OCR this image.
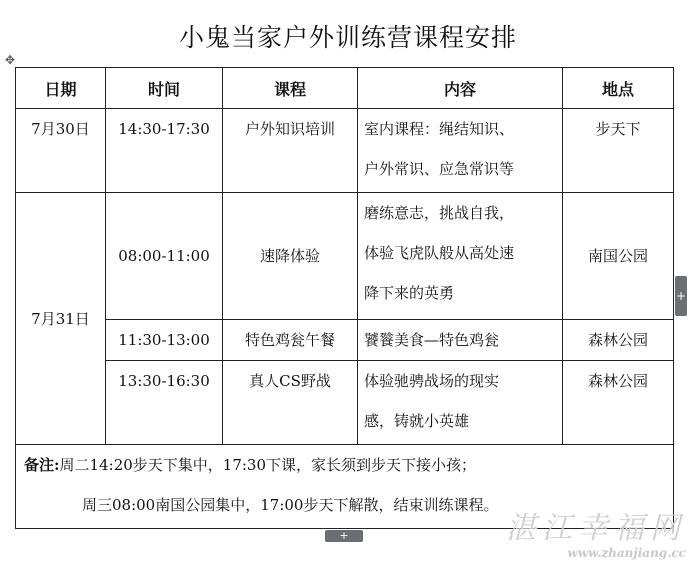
小鬼当家户外训练营课程安排
✥
日期	时间	课程	内容	地点
7月30日	14:30-17:30	户外知识培训	室内课程：绳结知识、
户外常识、应急常识等	步天下
7月31日	08:00-11:00	速降体验	磨练意志，挑战自我，
体验飞虎队般从高处速
降下来的英勇	南国公园
	11:30-13:00	特色鸡瓮午餐	饕餮美食—特色鸡瓮	森林公园
	13:30-16:30	真人CS野战	体验驰骋战场的现实
感，铸就小英雄	森林公园

备注:周二14:20步天下集中，17:30下课，家长须到步天下接小孩；
周三08:00南国公园集中，17:00步天下解散，结束训练课程。				
+
+	湛江幸福网
www.zhanjiang.cc
